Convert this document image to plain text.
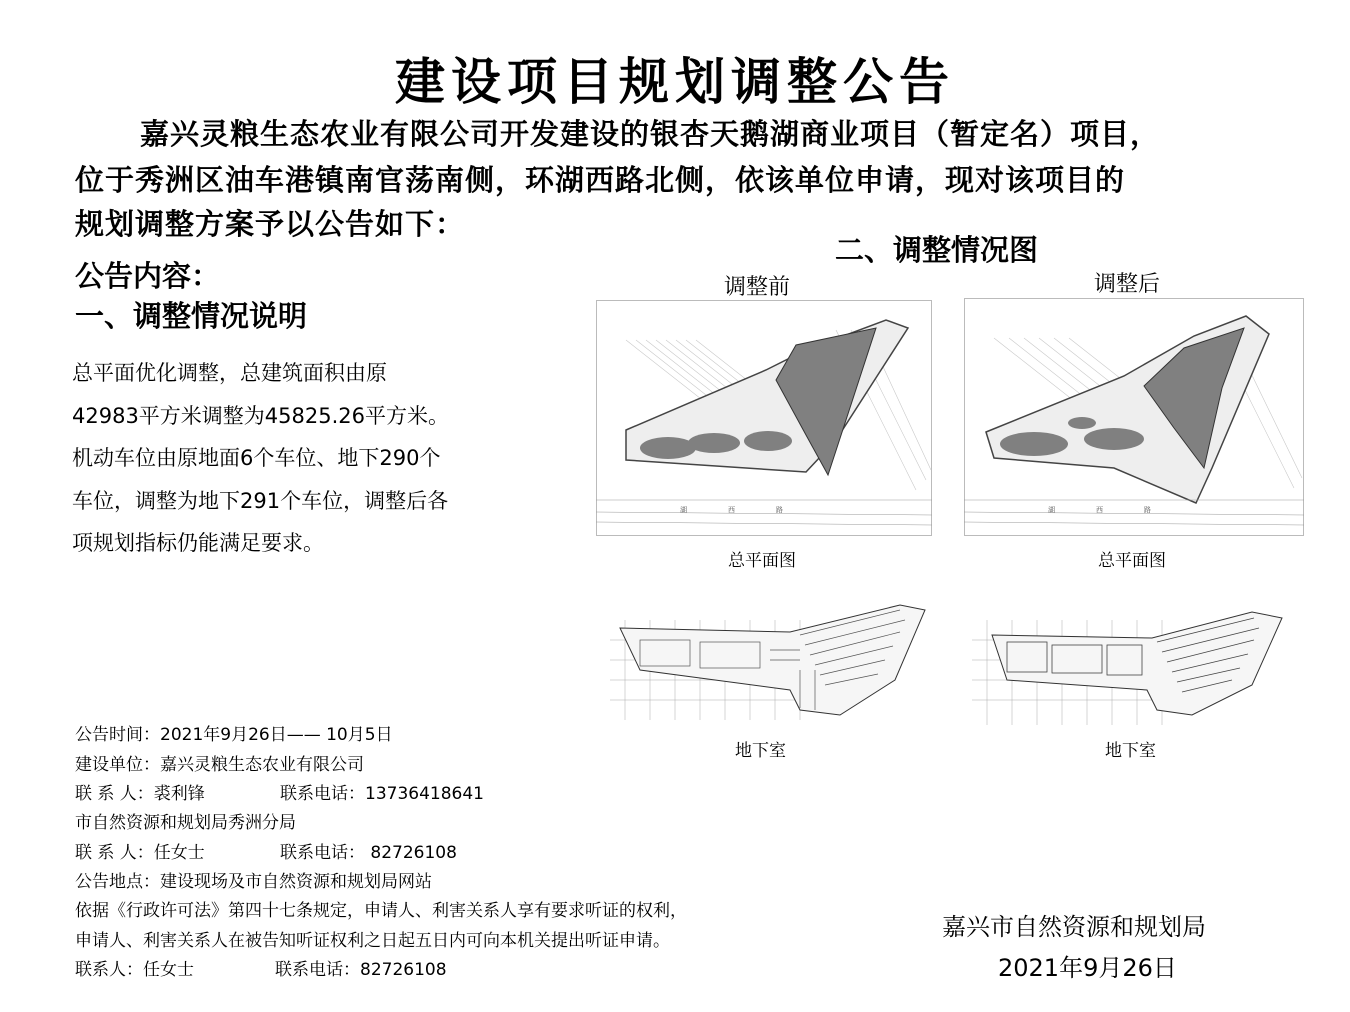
建设项目规划调整公告
嘉兴灵粮生态农业有限公司开发建设的银杏天鹅湖商业项目（暂定名）项目，
位于秀洲区油车港镇南官荡南侧，环湖西路北侧，依该单位申请，现对该项目的
规划调整方案予以公告如下：
公告内容：
一、调整情况说明
二、调整情况图
总平面优化调整，总建筑面积由原
42983平方米调整为45825.26平方米。
机动车位由原地面6个车位、地下290个
车位，调整为地下291个车位，调整后各
项规划指标仍能满足要求。
调整前	调整后
湖	西	路	湖	西	路
总平面图	总平面图
地下室	地下室
公告时间：2021年9月26日—— 10月5日
建设单位：嘉兴灵粮生态农业有限公司
联 系 人：裘利锋	联系电话：13736418641
市自然资源和规划局秀洲分局
联 系 人：任女士	联系电话： 82726108
公告地点：建设现场及市自然资源和规划局网站
依据《行政许可法》第四十七条规定，申请人、利害关系人享有要求听证的权利，
申请人、利害关系人在被告知听证权利之日起五日内可向本机关提出听证申请。
联系人：任女士	联系电话：82726108
嘉兴市自然资源和规划局
2021年9月26日
